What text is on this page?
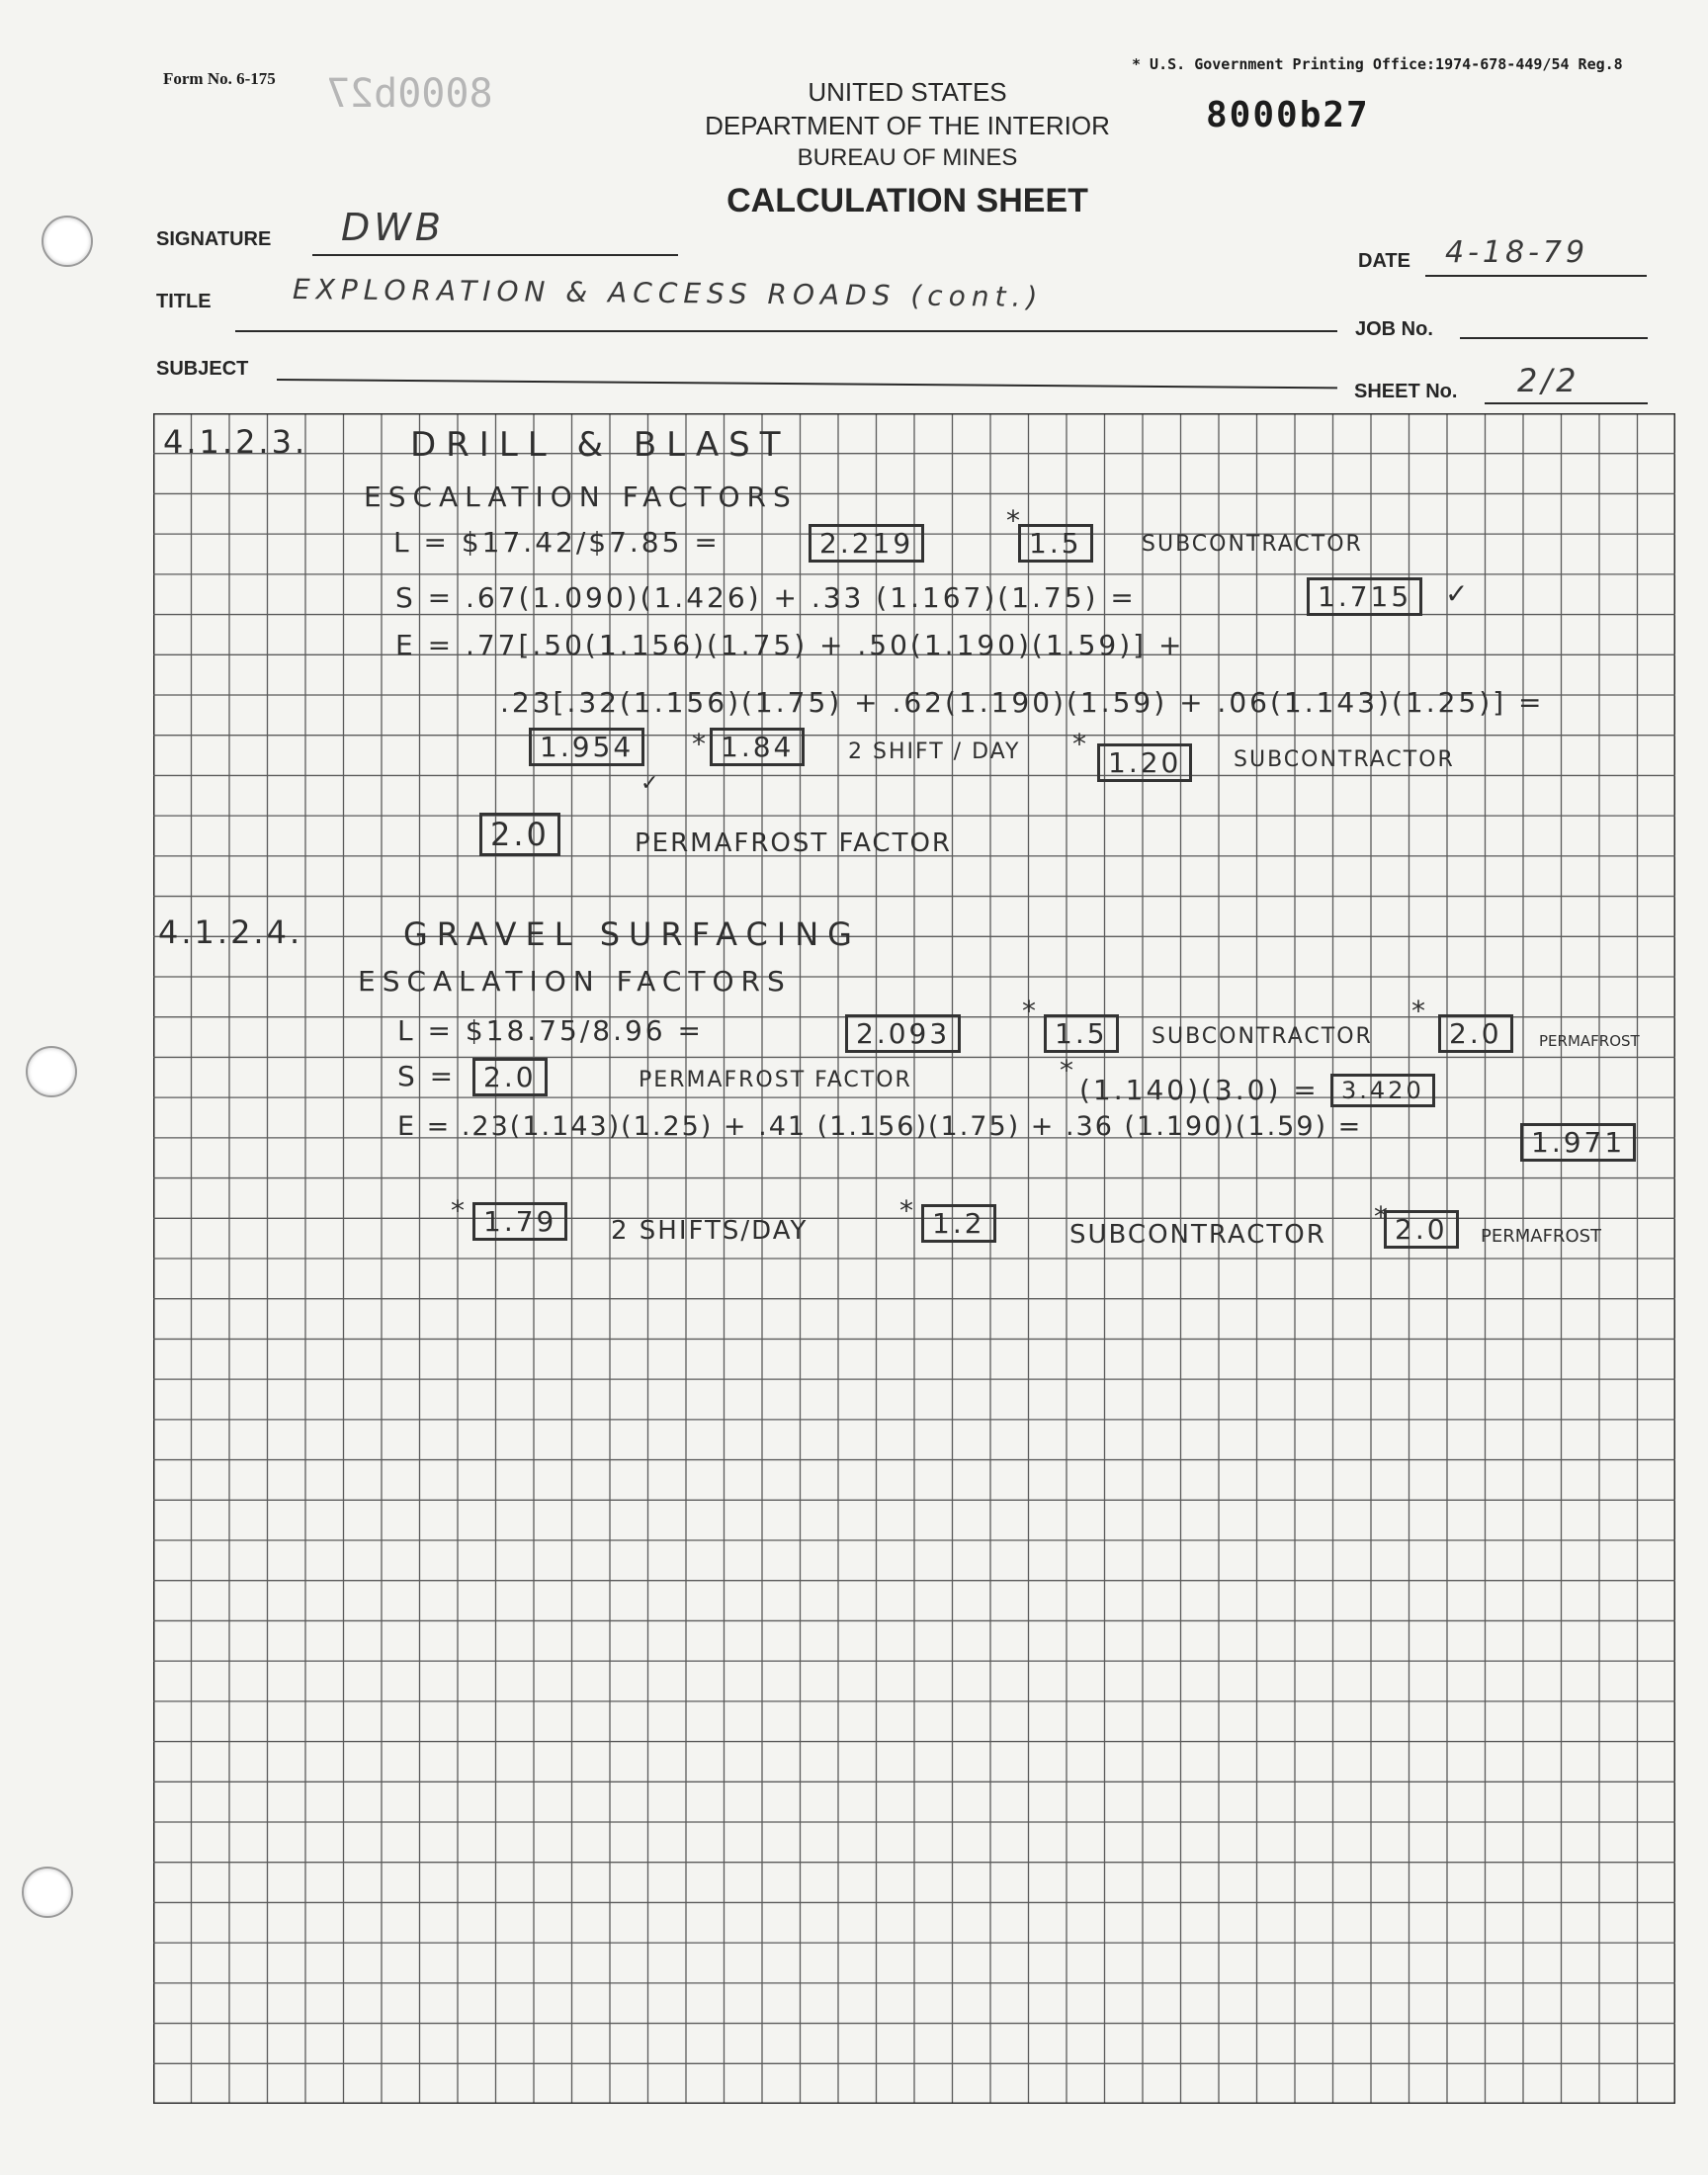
Form No. 6-175 8000b27
* U.S. Government Printing Office:1974-678-449/54 Reg.8
8000b27
UNITED STATES
DEPARTMENT OF THE INTERIOR
BUREAU OF MINES
CALCULATION SHEET
SIGNATURE DWB
DATE 4-18-79
TITLE	EXPLORATION & ACCESS ROADS (cont.)
JOB No.
SUBJECT
SHEET No. 2/2
4.1.2.3.	DRILL & BLAST
ESCALATION FACTORS
L = $17.42/$7.85 =	2.219
*
1.5	SUBCONTRACTOR
S = .67(1.090)(1.426) + .33 (1.167)(1.75) =	1.715	✓
E = .77[.50(1.156)(1.75) + .50(1.190)(1.59)] +
.23[.32(1.156)(1.75) + .62(1.190)(1.59) + .06(1.143)(1.25)] =
1.954
✓
* 1.84	2 SHIFT / DAY *
1.20	SUBCONTRACTOR
2.0	PERMAFROST FACTOR
4.1.2.4.	GRAVEL SURFACING
ESCALATION FACTORS
L = $18.75/8.96 =	2.093
*
1.5	SUBCONTRACTOR
*
2.0	PERMAFROST
S = 2.0	PERMAFROST FACTOR	*
(1.140)(3.0) = 3.420
E = .23(1.143)(1.25) + .41 (1.156)(1.75) + .36 (1.190)(1.59) =	1.971
* 1.79	2 SHIFTS/DAY
* 1.2	SUBCONTRACTOR
* 2.0	PERMAFROST
